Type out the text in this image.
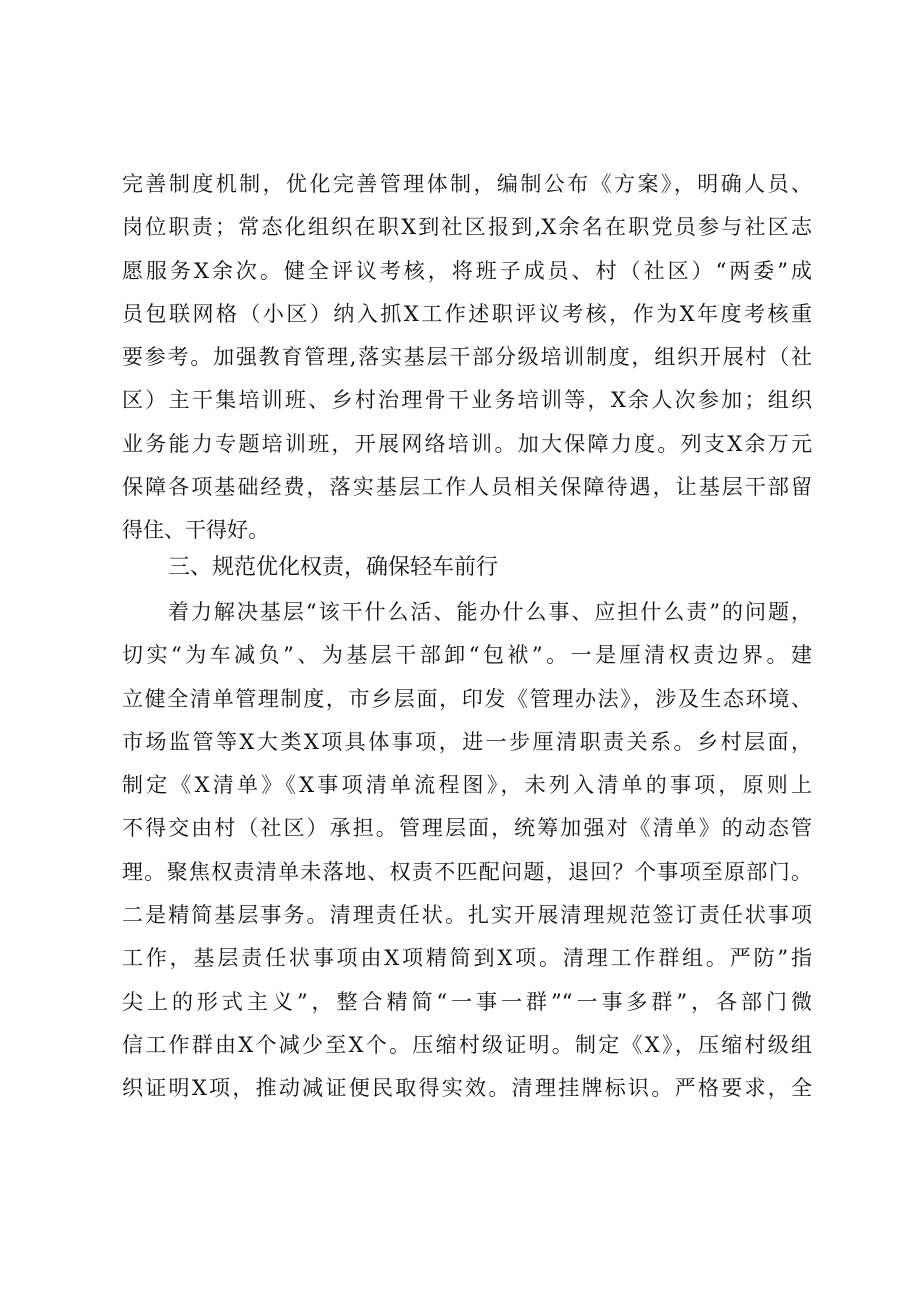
完善制度机制，优化完善管理体制，编制公布《方案》，明确人员、
岗位职责；常态化组织在职X到社区报到,X余名在职党员参与社区志
愿服务X余次。健全评议考核，将班子成员、村（社区）“两委”成
员包联网格（小区）纳入抓X工作述职评议考核，作为X年度考核重
要参考。加强教育管理,落实基层干部分级培训制度，组织开展村（社
区）主干集培训班、乡村治理骨干业务培训等，X余人次参加；组织
业务能力专题培训班，开展网络培训。加大保障力度。列支X余万元
保障各项基础经费，落实基层工作人员相关保障待遇，让基层干部留
得住、干得好。
三、规范优化权责，确保轻车前行
　　着力解决基层“该干什么活、能办什么事、应担什么责”的问题，
切实“为车减负”、为基层干部卸“包袱”。一是厘清权责边界。建
立健全清单管理制度，市乡层面，印发《管理办法》，涉及生态环境、
市场监管等X大类X项具体事项，进一步厘清职责关系。乡村层面，
制定《X清单》《X事项清单流程图》，未列入清单的事项，原则上
不得交由村（社区）承担。管理层面，统筹加强对《清单》的动态管
理。聚焦权责清单未落地、权责不匹配问题，退回？个事项至原部门。
二是精简基层事务。清理责任状。扎实开展清理规范签订责任状事项
工作，基层责任状事项由X项精简到X项。清理工作群组。严防”指
尖上的形式主义”，整合精简“一事一群”“一事多群”，各部门微
信工作群由X个减少至X个。压缩村级证明。制定《X》，压缩村级组
织证明X项，推动减证便民取得实效。清理挂牌标识。严格要求，全
